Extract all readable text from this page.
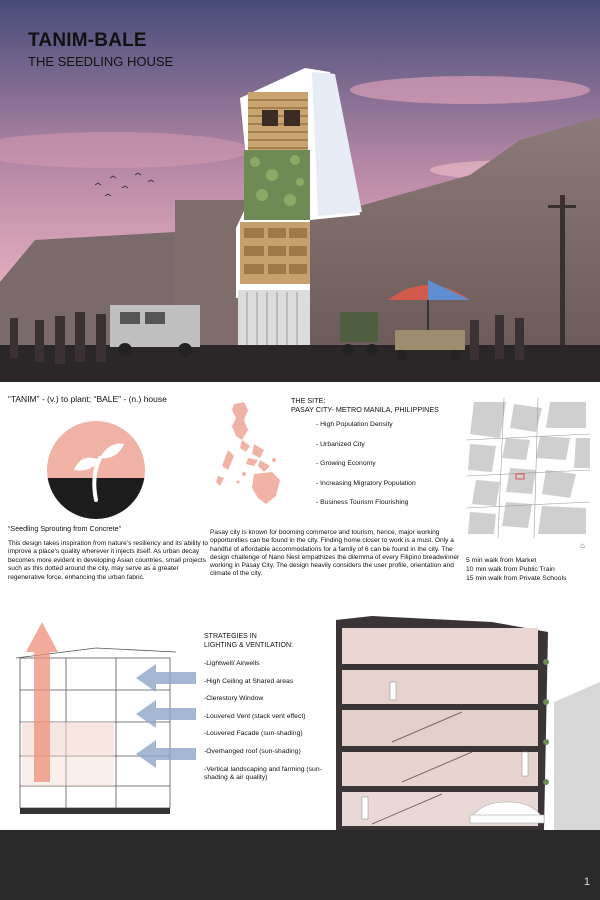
TANIM-BALE
THE SEEDLING HOUSE
“TANIM” - (v.) to plant; “BALE” - (n.) house
“Seedling Sprouting from Concrete”
This design takes inspiration from nature’s resiliency and its ability to improve a place’s quality wherever it injects itself. As urban decay becomes more evident in developing Asian countries, small projects such as this dotted around the city, may serve as a greater regenerative force, enhancing the urban fabric.
THE SITE:
PASAY CITY- METRO MANILA, PHILIPPINES
- High Population Density
- Urbanized City
- Growing Economy
- Increasing Migratory Population
- Business Tourism Flourishing
Pasay city is known for booming commerce and tourism, hence, major working opportunities can be found in the city. Finding home closer to work is a must. Only a handful of affordable accommodations for a family of 6 can be found in the city. The design challenge of Nano Nest empathizes the dilemma of every Filipino breadwinner working in Pasay City. The design heavily considers the user profile, orientation and climate of the city.
⌂
5 min walk from Market
10 min walk from Public Train
15 min walk from Private Schools
STRATEGIES IN
LIGHTING & VENTILATION:
-Lightwell/ Airwells
-High Ceiling at Shared areas
-Clerestory Window
-Louvered Vent (stack vent effect)
-Louvered Facade (sun-shading)
-Overhanged roof (sun-shading)
-Vertical landscaping and farming (sun-shading & air quality)
1
